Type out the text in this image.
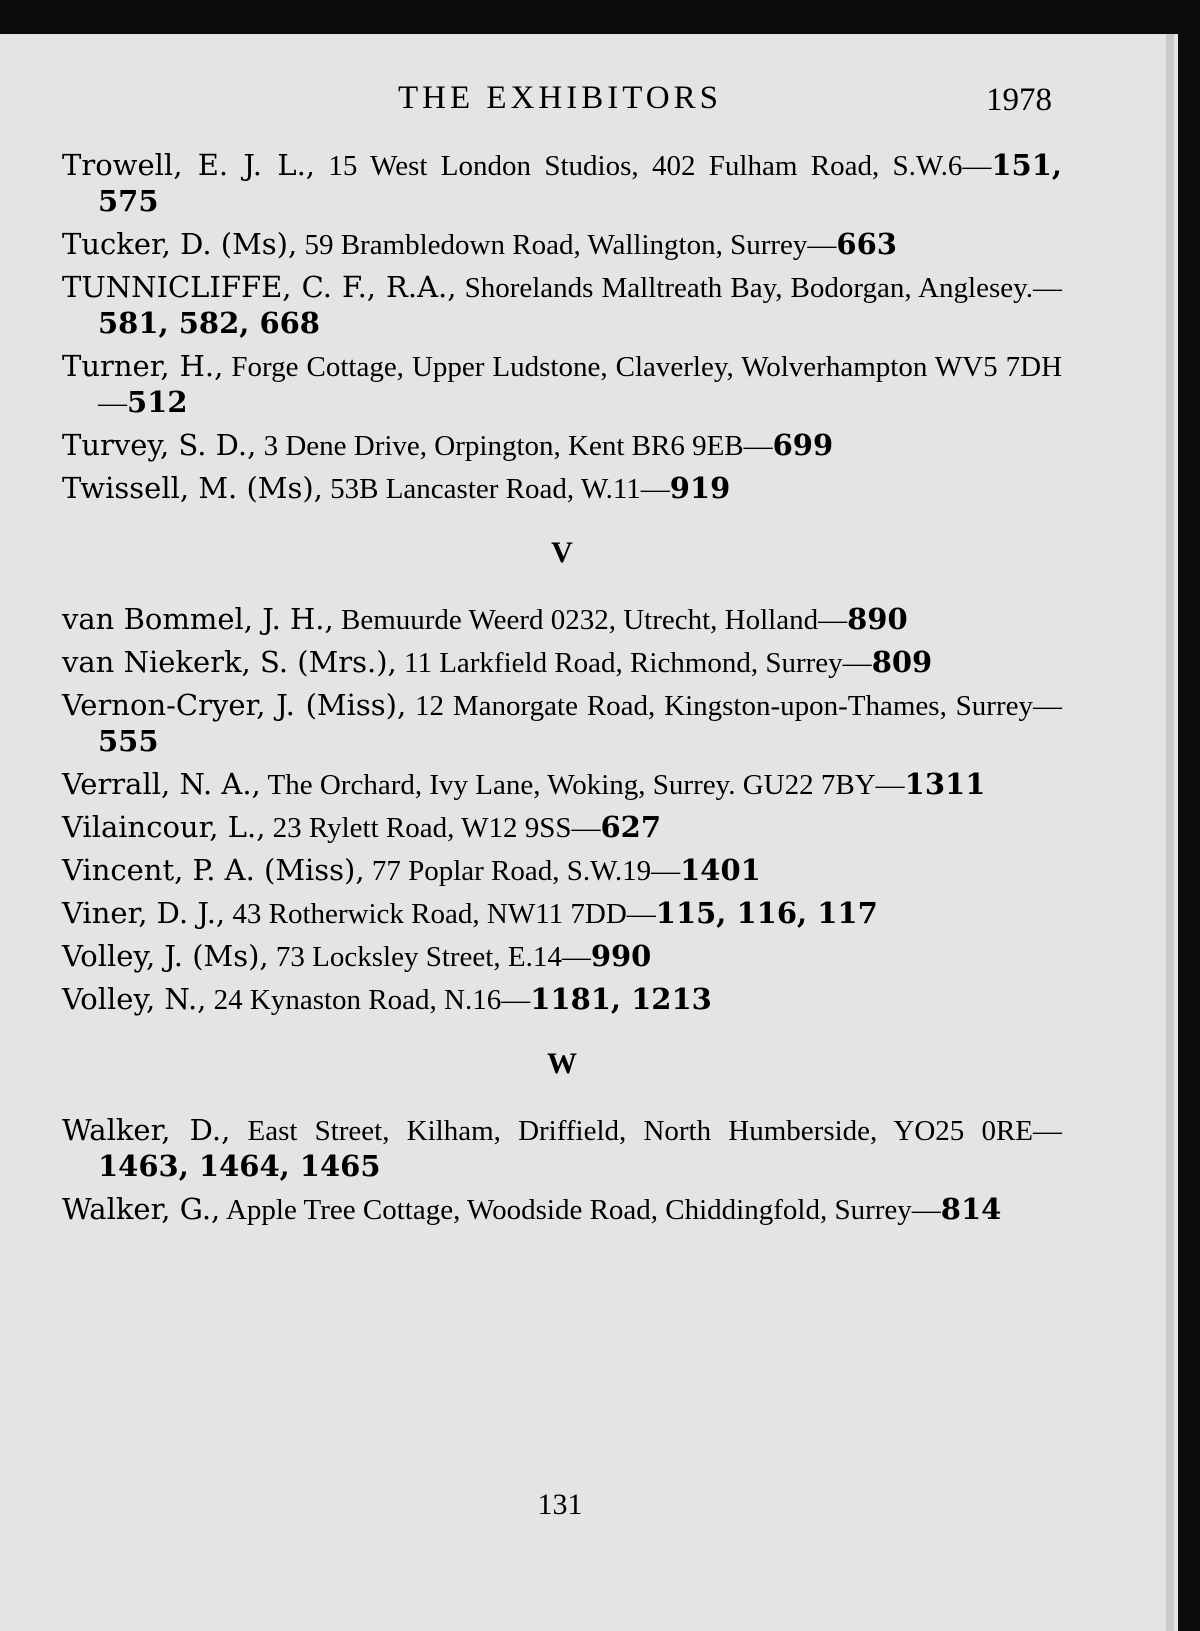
THE EXHIBITORS	1978

Trowell, E. J. L., 15 West London Studios, 402 Fulham Road, S.W.6—151, 575

Tucker, D. (Ms), 59 Brambledown Road, Wallington, Surrey—663

TUNNICLIFFE, C. F., R.A., Shorelands Malltreath Bay, Bodorgan, Anglesey.—581, 582, 668

Turner, H., Forge Cottage, Upper Ludstone, Claverley, Wolverhampton WV5 7DH—512

Turvey, S. D., 3 Dene Drive, Orpington, Kent BR6 9EB—699

Twissell, M. (Ms), 53B Lancaster Road, W.11—919

V

van Bommel, J. H., Bemuurde Weerd 0232, Utrecht, Holland—890

van Niekerk, S. (Mrs.), 11 Larkfield Road, Richmond, Surrey—809

Vernon-Cryer, J. (Miss), 12 Manorgate Road, Kingston-upon-Thames, Surrey—555

Verrall, N. A., The Orchard, Ivy Lane, Woking, Surrey. GU22 7BY—1311

Vilaincour, L., 23 Rylett Road, W12 9SS—627

Vincent, P. A. (Miss), 77 Poplar Road, S.W.19—1401

Viner, D. J., 43 Rotherwick Road, NW11 7DD—115, 116, 117

Volley, J. (Ms), 73 Locksley Street, E.14—990

Volley, N., 24 Kynaston Road, N.16—1181, 1213

W

Walker, D., East Street, Kilham, Driffield, North Humberside, YO25 0RE—1463, 1464, 1465

Walker, G., Apple Tree Cottage, Woodside Road, Chiddingfold, Surrey—814

131
